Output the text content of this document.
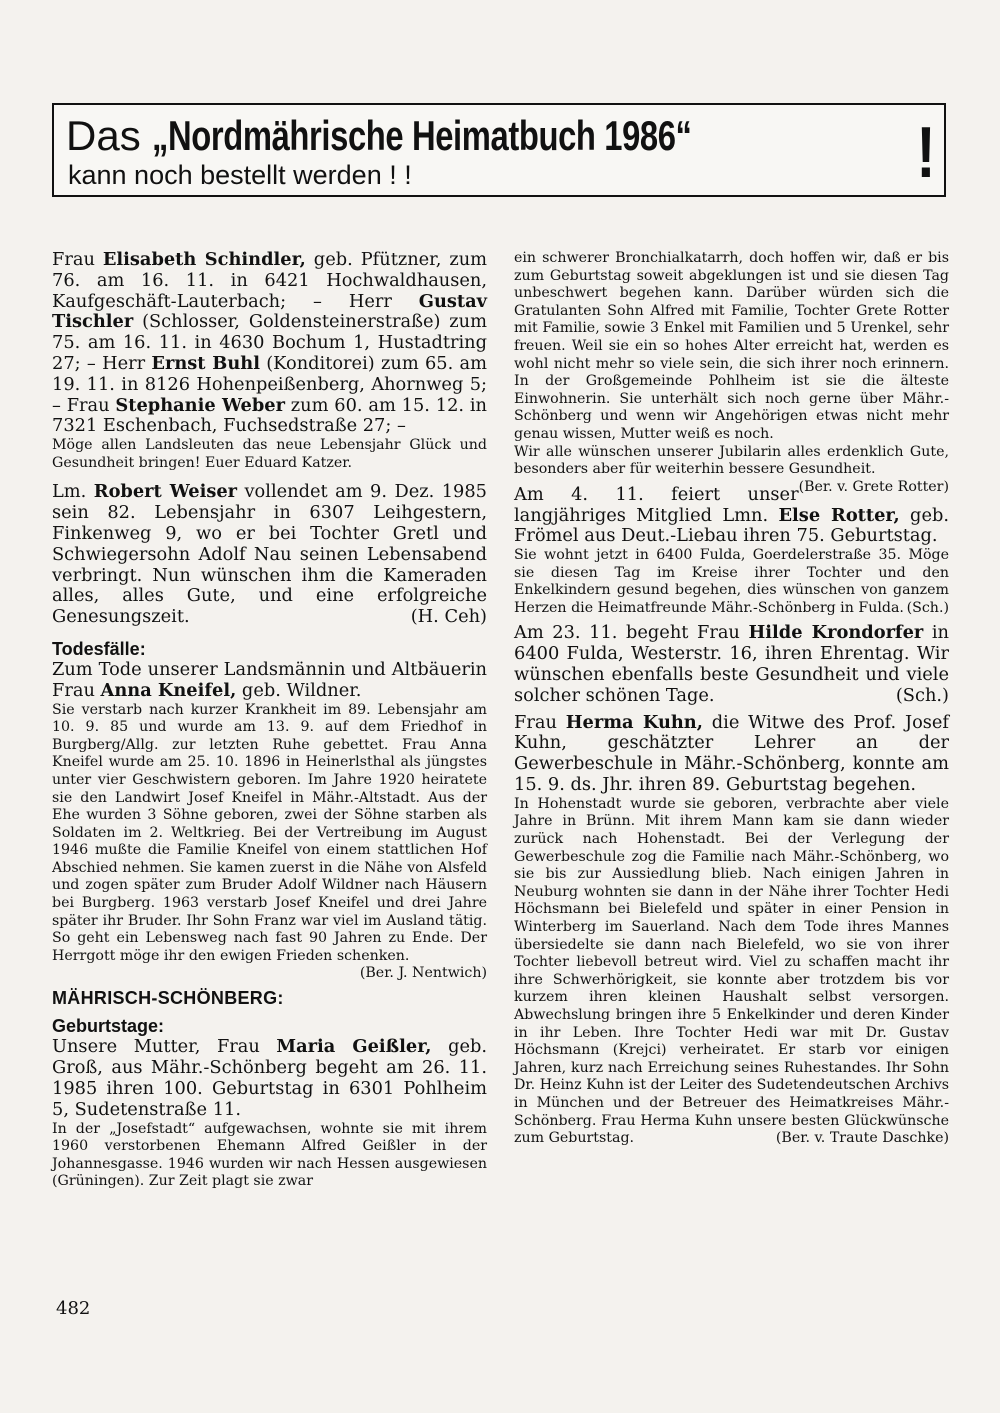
Das „Nordmährische Heimatbuch 1986“
kann noch bestellt werden ! !	!

Frau Elisabeth Schindler, geb. Pfützner, zum 76. am 16. 11. in 6421 Hochwaldhausen, Kaufgeschäft-Lauterbach; – Herr Gustav Tischler (Schlosser, Goldensteinerstraße) zum 75. am 16. 11. in 4630 Bochum 1, Hustadtring 27; – Herr Ernst Buhl (Konditorei) zum 65. am 19. 11. in 8126 Hohenpeißenberg, Ahornweg 5; – Frau Stephanie Weber zum 60. am 15. 12. in 7321 Eschenbach, Fuchsedstraße 27; –

Möge allen Landsleuten das neue Lebensjahr Glück und Gesundheit bringen! Euer Eduard Katzer.

Lm. Robert Weiser vollendet am 9. Dez. 1985 sein 82. Lebensjahr in 6307 Leihgestern, Finkenweg 9, wo er bei Tochter Gretl und Schwiegersohn Adolf Nau seinen Lebensabend verbringt. Nun wünschen ihm die Kameraden alles, alles Gute, und eine erfolgreiche Genesungszeit.	(H. Ceh)

Todesfälle:

Zum Tode unserer Landsmännin und Altbäuerin Frau Anna Kneifel, geb. Wildner.

Sie verstarb nach kurzer Krankheit im 89. Lebensjahr am 10. 9. 85 und wurde am 13. 9. auf dem Friedhof in Burgberg/Allg. zur letzten Ruhe gebettet. Frau Anna Kneifel wurde am 25. 10. 1896 in Heinerlsthal als jüngstes unter vier Geschwistern geboren. Im Jahre 1920 heiratete sie den Landwirt Josef Kneifel in Mähr.-Altstadt. Aus der Ehe wurden 3 Söhne geboren, zwei der Söhne starben als Soldaten im 2. Weltkrieg. Bei der Vertreibung im August 1946 mußte die Familie Kneifel von einem stattlichen Hof Abschied nehmen. Sie kamen zuerst in die Nähe von Alsfeld und zogen später zum Bruder Adolf Wildner nach Häusern bei Burgberg. 1963 verstarb Josef Kneifel und drei Jahre später ihr Bruder. Ihr Sohn Franz war viel im Ausland tätig. So geht ein Lebensweg nach fast 90 Jahren zu Ende. Der Herrgott möge ihr den ewigen Frieden schenken.
(Ber. J. Nentwich)

MÄHRISCH-SCHÖNBERG:

Geburtstage:

Unsere Mutter, Frau Maria Geißler, geb. Groß, aus Mähr.-Schönberg begeht am 26. 11. 1985 ihren 100. Geburtstag in 6301 Pohlheim 5, Sudetenstraße 11.

In der „Josefstadt“ aufgewachsen, wohnte sie mit ihrem 1960 verstorbenen Ehemann Alfred Geißler in der Johannesgasse. 1946 wurden wir nach Hessen ausgewiesen (Grüningen). Zur Zeit plagt sie zwar

ein schwerer Bronchialkatarrh, doch hoffen wir, daß er bis zum Geburtstag soweit abgeklungen ist und sie diesen Tag unbeschwert begehen kann. Darüber würden sich die Gratulanten Sohn Alfred mit Familie, Tochter Grete Rotter mit Familie, sowie 3 Enkel mit Familien und 5 Urenkel, sehr freuen. Weil sie ein so hohes Alter erreicht hat, werden es wohl nicht mehr so viele sein, die sich ihrer noch erinnern. In der Großgemeinde Pohlheim ist sie die älteste Einwohnerin. Sie unterhält sich noch gerne über Mähr.-Schönberg und wenn wir Angehörigen etwas nicht mehr genau wissen, Mutter weiß es noch.

Wir alle wünschen unserer Jubilarin alles erdenklich Gute, besonders aber für weiterhin bessere Gesundheit.
(Ber. v. Grete Rotter)

Am 4. 11. feiert unser langjähriges Mitglied Lmn. Else Rotter, geb. Frömel aus Deut.-Liebau ihren 75. Geburtstag.

Sie wohnt jetzt in 6400 Fulda, Goerdelerstraße 35. Möge sie diesen Tag im Kreise ihrer Tochter und den Enkelkindern gesund begehen, dies wünschen von ganzem Herzen die Heimatfreunde Mähr.-Schönberg in Fulda. (Sch.)

Am 23. 11. begeht Frau Hilde Krondorfer in 6400 Fulda, Westerstr. 16, ihren Ehrentag. Wir wünschen ebenfalls beste Gesundheit und viele solcher schönen Tage.	(Sch.)

Frau Herma Kuhn, die Witwe des Prof. Josef Kuhn, geschätzter Lehrer an der Gewerbeschule in Mähr.-Schönberg, konnte am 15. 9. ds. Jhr. ihren 89. Geburtstag begehen.

In Hohenstadt wurde sie geboren, verbrachte aber viele Jahre in Brünn. Mit ihrem Mann kam sie dann wieder zurück nach Hohenstadt. Bei der Verlegung der Gewerbeschule zog die Familie nach Mähr.-Schönberg, wo sie bis zur Aussiedlung blieb. Nach einigen Jahren in Neuburg wohnten sie dann in der Nähe ihrer Tochter Hedi Höchsmann bei Bielefeld und später in einer Pension in Winterberg im Sauerland. Nach dem Tode ihres Mannes übersiedelte sie dann nach Bielefeld, wo sie von ihrer Tochter liebevoll betreut wird. Viel zu schaffen macht ihr ihre Schwerhörigkeit, sie konnte aber trotzdem bis vor kurzem ihren kleinen Haushalt selbst versorgen. Abwechslung bringen ihre 5 Enkelkinder und deren Kinder in ihr Leben. Ihre Tochter Hedi war mit Dr. Gustav Höchsmann (Krejci) verheiratet. Er starb vor einigen Jahren, kurz nach Erreichung seines Ruhestandes. Ihr Sohn Dr. Heinz Kuhn ist der Leiter des Sudetendeutschen Archivs in München und der Betreuer des Heimatkreises Mähr.-Schönberg. Frau Herma Kuhn unsere besten Glückwünsche zum Geburtstag.	(Ber. v. Traute Daschke)

482
